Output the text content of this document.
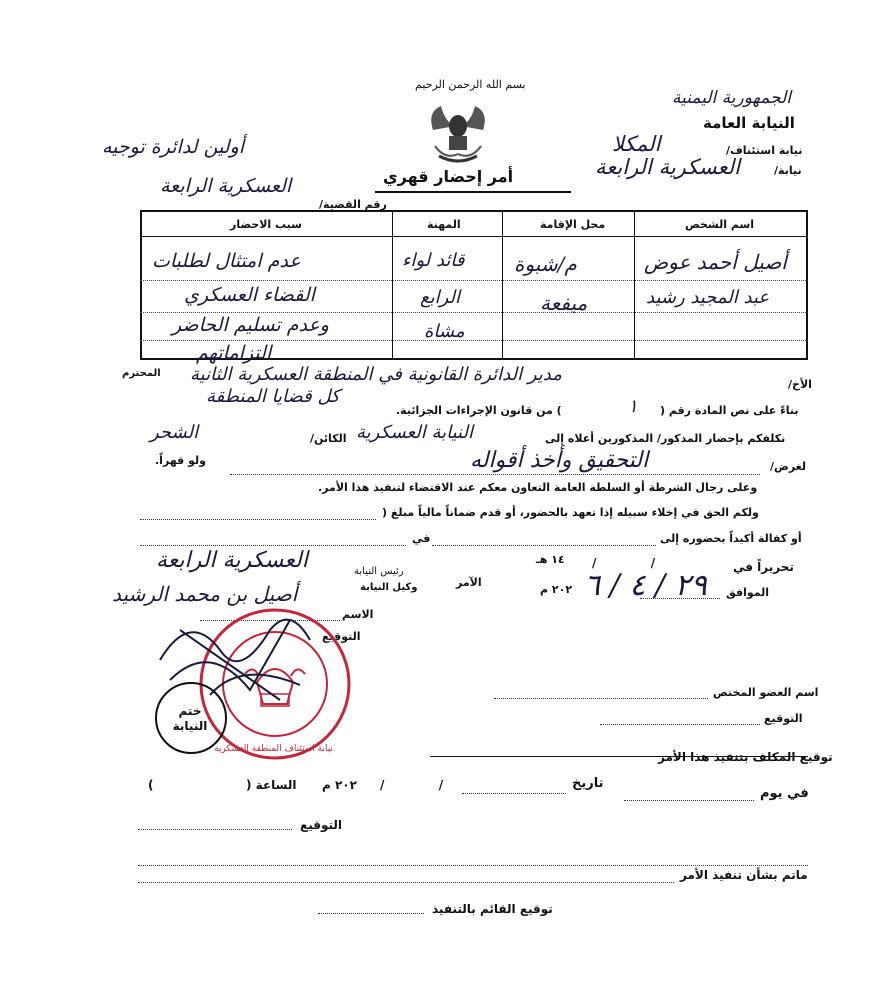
بسم الله الرحمن الرحيم
الجمهورية اليمنية
النيابة العامة
نيابة استئناف/
المكلا
نيابة/
العسكرية الرابعة
أمر إحضار قهري
أولين لدائرة توجيه
العسكرية الرابعة
رقم القضية/
اسم الشخص
محل الإقامة
المهنة
سبب الاحضار
أصيل أحمد عوض
عبد المجيد رشيد
م/شبوة
ميفعة
قائد لواء
الرابع
مشاة
عدم امتثال لطلبات
القضاء العسكري
وعدم تسليم الحاضر
التزاماتهم
الأخ/
المحترم مدير الدائرة القانونية في المنطقة العسكرية الثانية
كل قضايا المنطقة
بناءً على نص المادة رقم (
١
) من قانون الإجراءات الجزائية.
نكلفكم بإحضار المذكور/ المذكورين أعلاه إلى
النيابة العسكرية
الكائن/
الشحر
لغرض/
التحقيق وأخذ أقواله
ولو قهراً.
وعلى رجال الشرطة أو السلطة العامة التعاون معكم عند الاقتضاء لتنفيذ هذا الأمر.
ولكم الحق في إخلاء سبيله إذا تعهد بالحضور، أو قدم ضماناً مالياً مبلغ (
أو كفالة أكيداً بحضوره إلى
في
تحريراً في
/             /
١٤ هـ
الموافق
٢٩ / ٤ / ٦
٢٠٢ م
الآمر
رئيس النيابة
وكيل النيابة
العسكرية الرابعة
الاسم
أصيل بن محمد الرشيد
التوقيع
نيابة استئناف المنطقة العسكرية
ختم النيابة
اسم العضو المختص
التوقيع
توقيع المكلف بتنفيذ هذا الأمر
في يوم
تاريخ
/             /
٢٠٢ م
الساعة (
)
التوقيع
ماتم بشأن تنفيذ الأمر
توقيع القائم بالتنفيذ
